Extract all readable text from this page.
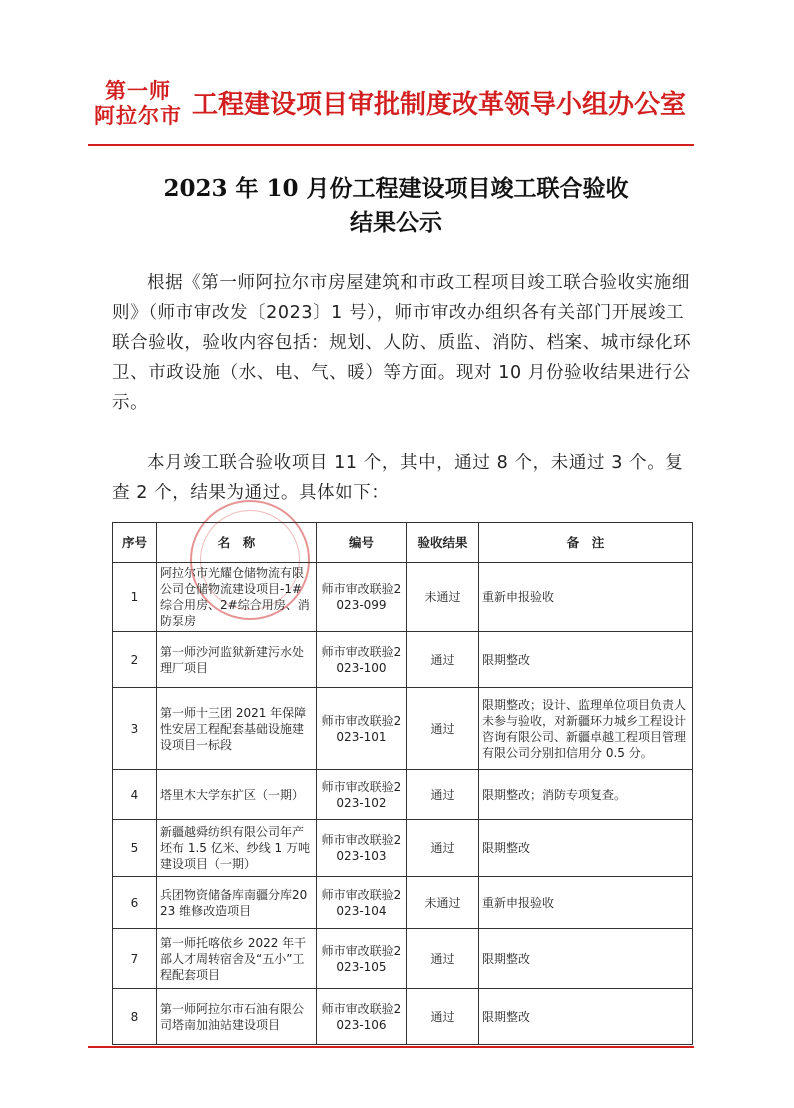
第一师
阿拉尔市 工程建设项目审批制度改革领导小组办公室
2023 年 10 月份工程建设项目竣工联合验收
结果公示
根据《第一师阿拉尔市房屋建筑和市政工程项目竣工联合验收实施细则》（师市审改发〔2023〕1 号），师市审改办组织各有关部门开展竣工联合验收，验收内容包括：规划、人防、质监、消防、档案、城市绿化环卫、市政设施（水、电、气、暖）等方面。现对 10 月份验收结果进行公示。
本月竣工联合验收项目 11 个，其中，通过 8 个，未通过 3 个。复查 2 个，结果为通过。具体如下：
序号	名　称	编号	验收结果	备　注
1	阿拉尔市光耀仓储物流有限公司仓储物流建设项目-1#综合用房、2#综合用房、消防泵房	师市审改联验2023-099	未通过	重新申报验收
2	第一师沙河监狱新建污水处理厂项目	师市审改联验2023-100	通过	限期整改
3	第一师十三团 2021 年保障性安居工程配套基础设施建设项目一标段	师市审改联验2023-101	通过	限期整改；设计、监理单位项目负责人未参与验收，对新疆环力城乡工程设计咨询有限公司、新疆卓越工程项目管理有限公司分别扣信用分 0.5 分。
4	塔里木大学东扩区（一期）	师市审改联验2023-102	通过	限期整改；消防专项复查。
5	新疆越舜纺织有限公司年产坯布 1.5 亿米、纱线 1 万吨建设项目（一期）	师市审改联验2023-103	通过	限期整改
6	兵团物资储备库南疆分库2023 维修改造项目	师市审改联验2023-104	未通过	重新申报验收
7	第一师托喀依乡 2022 年干部人才周转宿舍及“五小”工程配套项目	师市审改联验2023-105	通过	限期整改
8	第一师阿拉尔市石油有限公司塔南加油站建设项目	师市审改联验2023-106	通过	限期整改
